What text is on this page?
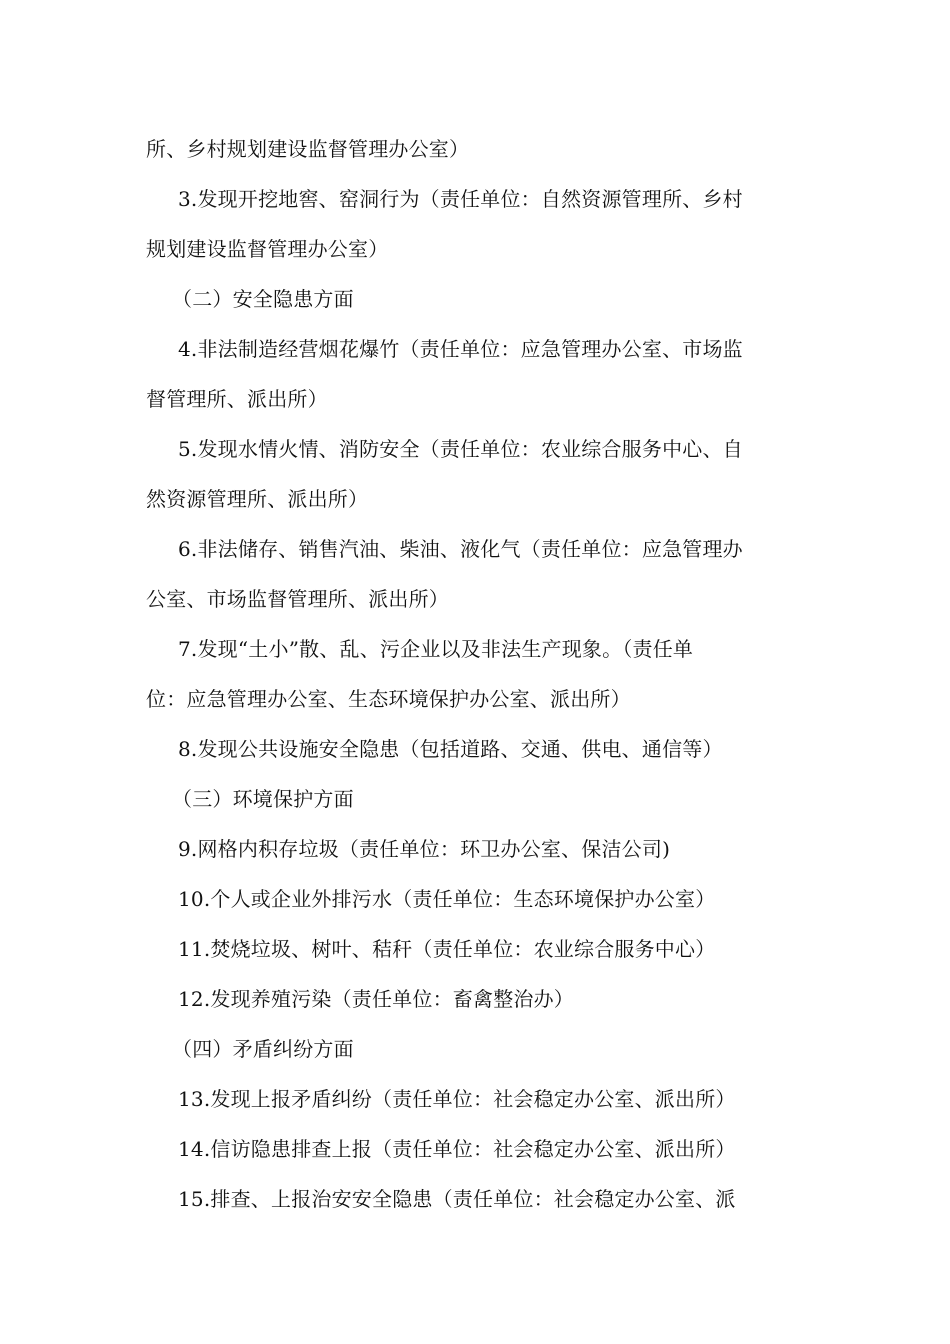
所、乡村规划建设监督管理办公室）
3.发现开挖地窖、窑洞行为（责任单位：自然资源管理所、乡村
规划建设监督管理办公室）
（二）安全隐患方面
4.非法制造经营烟花爆竹（责任单位：应急管理办公室、市场监
督管理所、派出所）
5.发现水情火情、消防安全（责任单位：农业综合服务中心、自
然资源管理所、派出所）
6.非法储存、销售汽油、柴油、液化气（责任单位：应急管理办
公室、市场监督管理所、派出所）
7.发现“土小”散、乱、污企业以及非法生产现象。（责任单
位：应急管理办公室、生态环境保护办公室、派出所）
8.发现公共设施安全隐患（包括道路、交通、供电、通信等）
（三）环境保护方面
9.网格内积存垃圾（责任单位：环卫办公室、保洁公司)
10.个人或企业外排污水（责任单位：生态环境保护办公室）
11.焚烧垃圾、树叶、秸秆（责任单位：农业综合服务中心）
12.发现养殖污染（责任单位：畜禽整治办）
（四）矛盾纠纷方面
13.发现上报矛盾纠纷（责任单位：社会稳定办公室、派出所）
14.信访隐患排查上报（责任单位：社会稳定办公室、派出所）
15.排查、上报治安安全隐患（责任单位：社会稳定办公室、派
